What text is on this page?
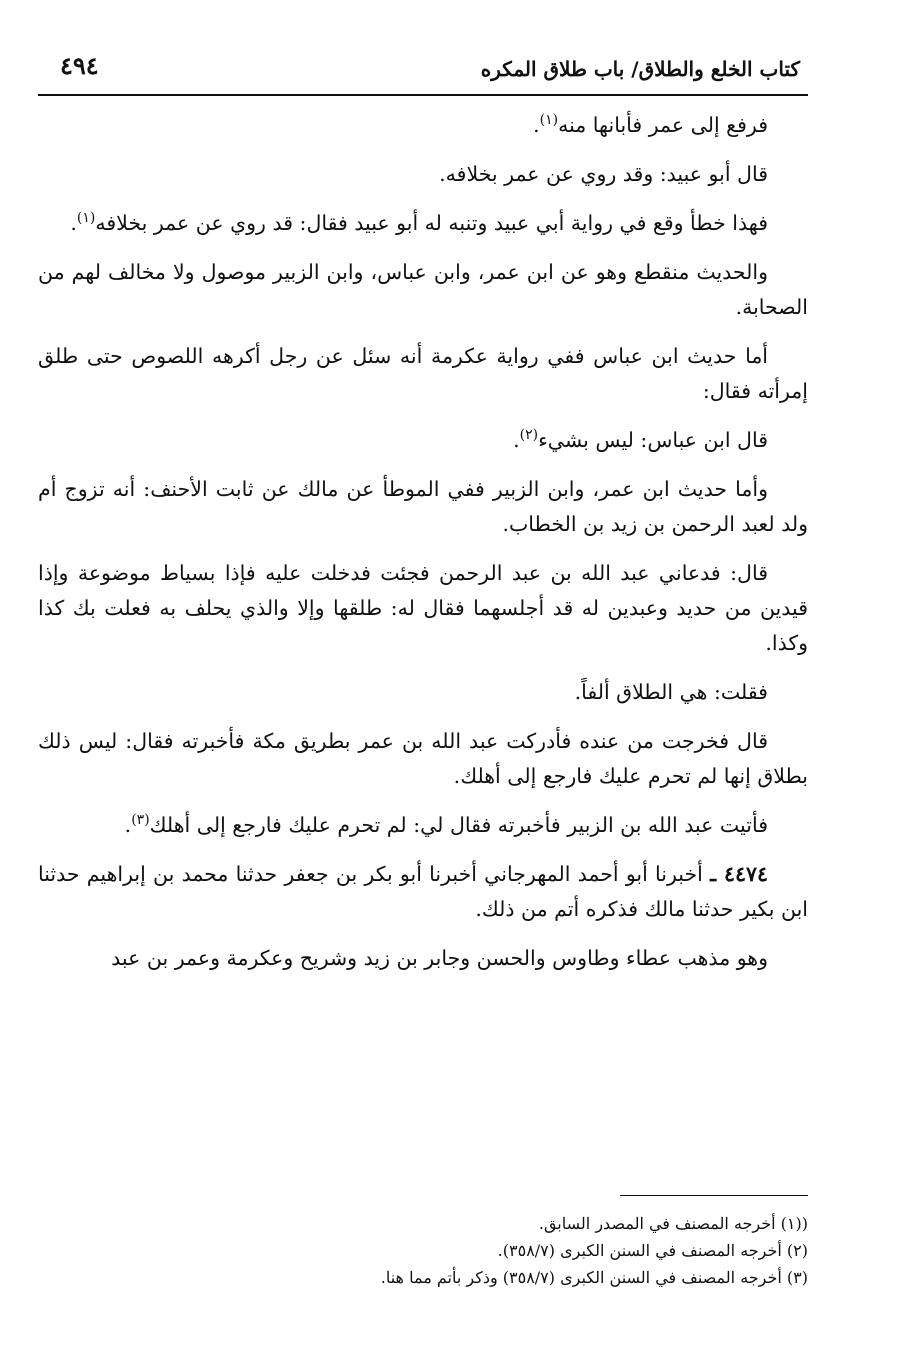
كتاب الخلع والطلاق/ باب طلاق المكره
٤٩٤

فرفع إلى عمر فأبانها منه$^{(١)}$.

قال أبو عبيد: وقد روي عن عمر بخلافه.

فهذا خطأ وقع في رواية أبي عبيد وتنبه له أبو عبيد فقال: قد روي عن عمر بخلافه$^{(١)}$.

والحديث منقطع وهو عن ابن عمر، وابن عباس، وابن الزبير موصول ولا مخالف لهم من الصحابة.

أما حديث ابن عباس ففي رواية عكرمة أنه سئل عن رجل أكرهه اللصوص حتى طلق إمرأته فقال:

قال ابن عباس: ليس بشيء$^{(٢)}$.

وأما حديث ابن عمر، وابن الزبير ففي الموطأ عن مالك عن ثابت الأحنف: أنه تزوج أم ولد لعبد الرحمن بن زيد بن الخطاب.

قال: فدعاني عبد الله بن عبد الرحمن فجئت فدخلت عليه فإذا بسياط موضوعة وإذا قيدين من حديد وعبدين له قد أجلسهما فقال له: طلقها وإلا والذي يحلف به فعلت بك كذا وكذا.

فقلت: هي الطلاق ألفاً.

قال فخرجت من عنده فأدركت عبد الله بن عمر بطريق مكة فأخبرته فقال: ليس ذلك بطلاق إنها لم تحرم عليك فارجع إلى أهلك.

فأتيت عبد الله بن الزبير فأخبرته فقال لي: لم تحرم عليك فارجع إلى أهلك$^{(٣)}$.

٤٤٧٤ ـ أخبرنا أبو أحمد المهرجاني أخبرنا أبو بكر بن جعفر حدثنا محمد بن إبراهيم حدثنا ابن بكير حدثنا مالك فذكره أتم من ذلك.

وهو مذهب عطاء وطاوس والحسن وجابر بن زيد وشريح وعكرمة وعمر بن عبد

((١) أخرجه المصنف في المصدر السابق.

(٢) أخرجه المصنف في السنن الكبرى (٣٥٨/٧).

(٣) أخرجه المصنف في السنن الكبرى (٣٥٨/٧) وذكر بأتم مما هنا.
